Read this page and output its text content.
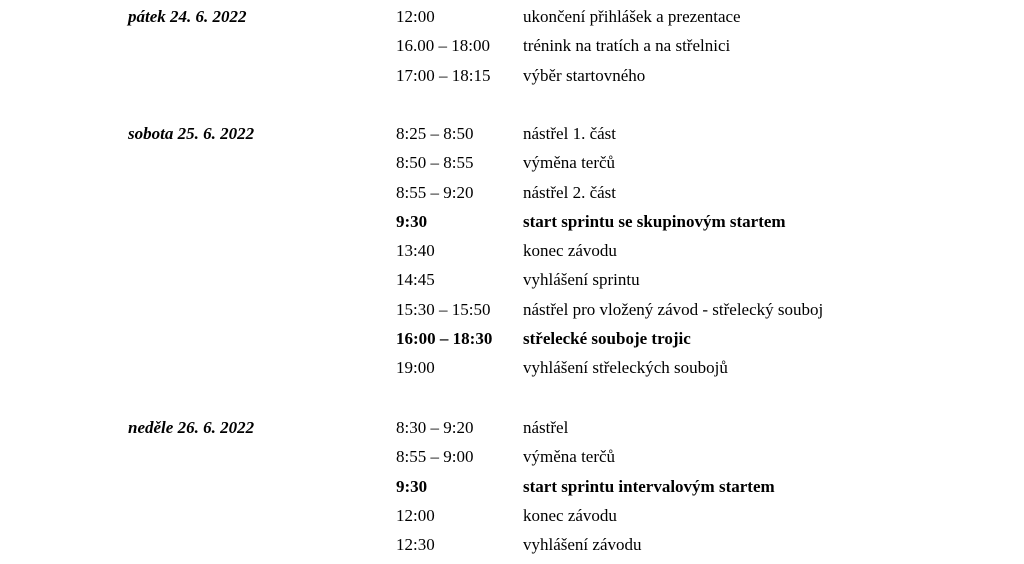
pátek 24. 6. 2022	12:00	ukončení přihlášek a prezentace
16.00 – 18:00 trénink na tratích a na střelnici
17:00 – 18:15 výběr startovného
sobota 25. 6. 2022	8:25 – 8:50	nástřel 1. část
8:50 – 8:55	výměna terčů
8:55 – 9:20	nástřel 2. část
9:30	start sprintu se skupinovým startem
13:40	konec závodu
14:45	vyhlášení sprintu
15:30 – 15:50 nástřel pro vložený závod - střelecký souboj
16:00 – 18:30 střelecké souboje trojic
19:00	vyhlášení střeleckých soubojů
neděle 26. 6. 2022	8:30 – 9:20	nástřel
8:55 – 9:00	výměna terčů
9:30	start sprintu intervalovým startem
12:00	konec závodu
12:30	vyhlášení závodu
